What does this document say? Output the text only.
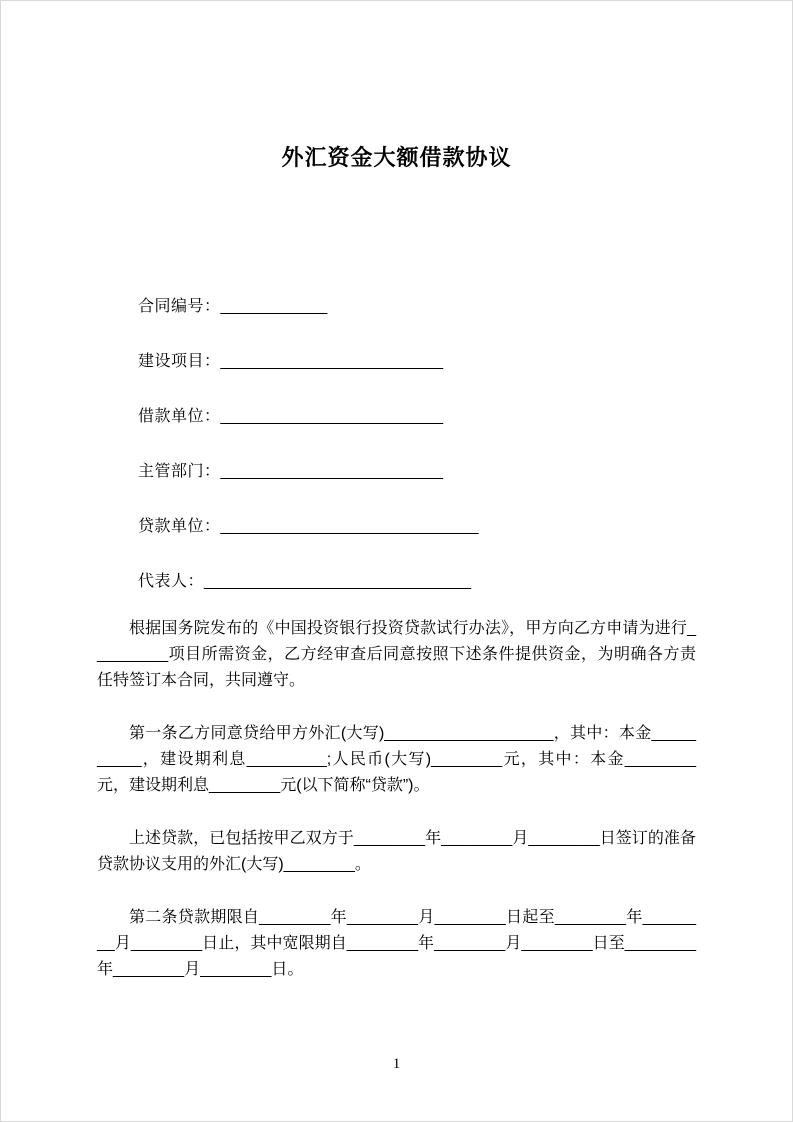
外汇资金大额借款协议
合同编号：____________
建设项目：_________________________
借款单位：_________________________
主管部门：_________________________
贷款单位：_____________________________
代表人：______________________________

根据国务院发布的《中国投资银行投资贷款试行办法》，甲方向乙方申请为进行_________项目所需资金，乙方经审查后同意按照下述条件提供资金，为明确各方责任特签订本合同，共同遵守。

第一条乙方同意贷给甲方外汇(大写)___________________，其中：本金__________，建设期利息_________;人民币(大写)________元，其中：本金________元，建设期利息________元(以下简称“贷款”)。

上述贷款，已包括按甲乙双方于________年________月________日签订的准备贷款协议支用的外汇(大写)________。

第二条贷款期限自________年________月________日起至________年________月________日止，其中宽限期自________年________月________日至________年________月________日。

1
